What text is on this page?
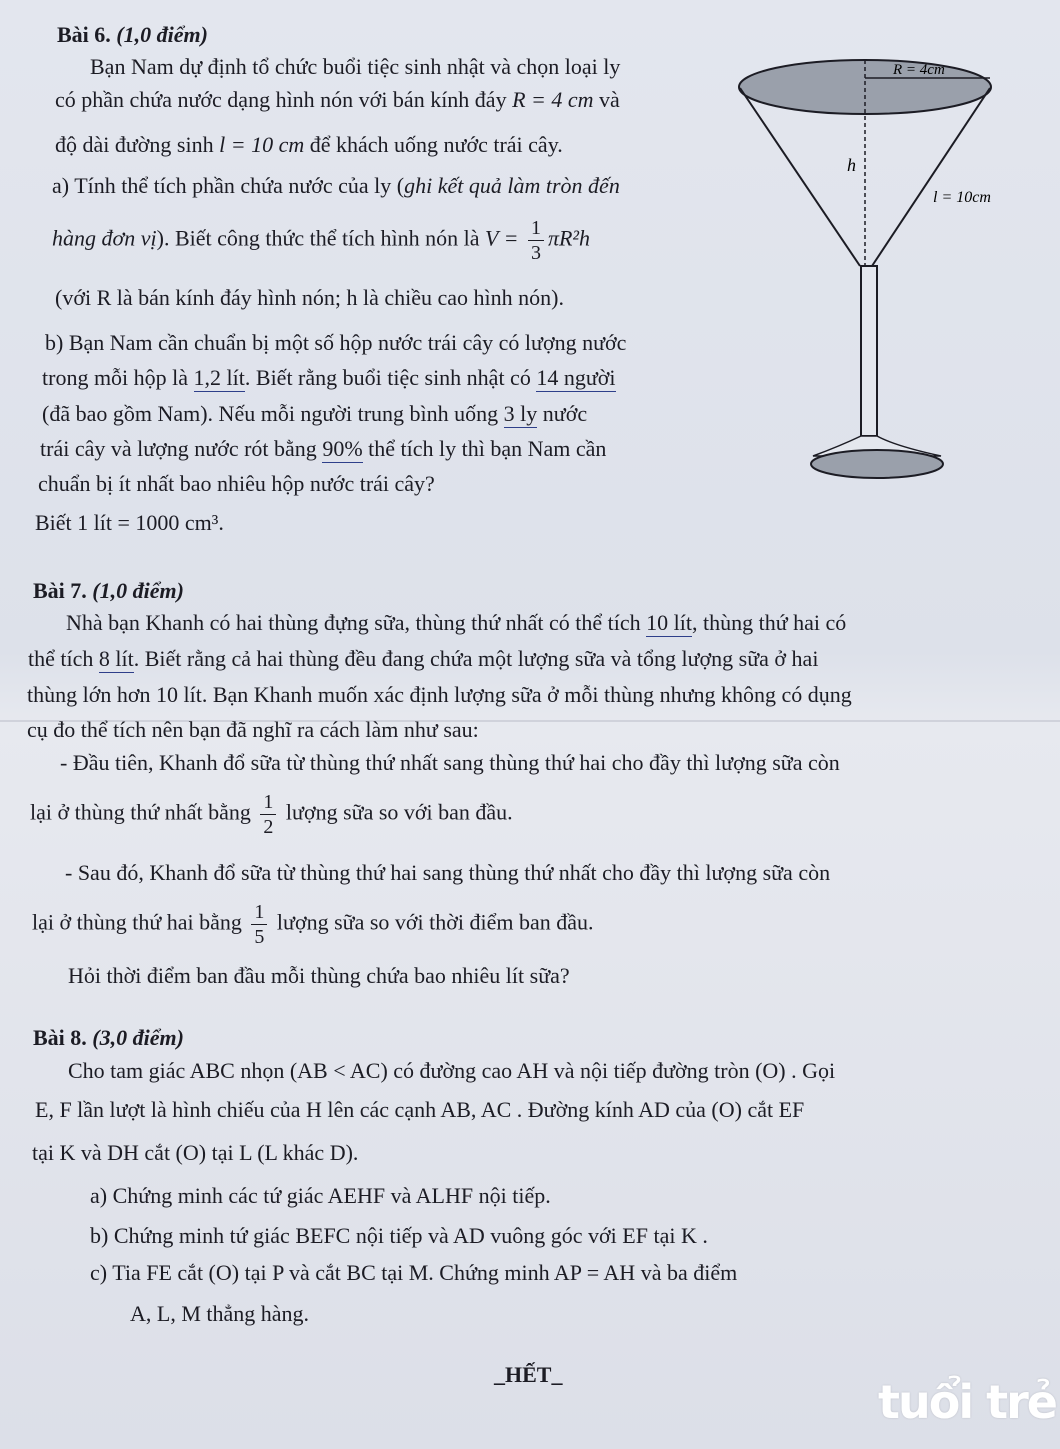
Bài 6. (1,0 điểm)
Bạn Nam dự định tổ chức buổi tiệc sinh nhật và chọn loại ly
có phần chứa nước dạng hình nón với bán kính đáy R = 4 cm và
độ dài đường sinh l = 10 cm để khách uống nước trái cây.
a) Tính thể tích phần chứa nước của ly (ghi kết quả làm tròn đến
hàng đơn vị). Biết công thức thể tích hình nón là $V = \frac{1}{3} \pi R^2h$
(với R là bán kính đáy hình nón; h là chiều cao hình nón).
b) Bạn Nam cần chuẩn bị một số hộp nước trái cây có lượng nước
trong mỗi hộp là 1,2 lít. Biết rằng buổi tiệc sinh nhật có 14 người
(đã bao gồm Nam). Nếu mỗi người trung bình uống 3 ly nước
trái cây và lượng nước rót bằng 90% thể tích ly thì bạn Nam cần
chuẩn bị ít nhất bao nhiêu hộp nước trái cây?
Biết 1 lít = 1000 cm³.
R = 4cm
h
l = 10cm
Bài 7. (1,0 điểm)
Nhà bạn Khanh có hai thùng đựng sữa, thùng thứ nhất có thể tích 10 lít, thùng thứ hai có
thể tích 8 lít. Biết rằng cả hai thùng đều đang chứa một lượng sữa và tổng lượng sữa ở hai
thùng lớn hơn 10 lít. Bạn Khanh muốn xác định lượng sữa ở mỗi thùng nhưng không có dụng
cụ đo thể tích nên bạn đã nghĩ ra cách làm như sau:
- Đầu tiên, Khanh đổ sữa từ thùng thứ nhất sang thùng thứ hai cho đầy thì lượng sữa còn
lại ở thùng thứ nhất bằng $\frac{1}{2}$ lượng sữa so với ban đầu.
- Sau đó, Khanh đổ sữa từ thùng thứ hai sang thùng thứ nhất cho đầy thì lượng sữa còn
lại ở thùng thứ hai bằng $\frac{1}{5}$ lượng sữa so với thời điểm ban đầu.
Hỏi thời điểm ban đầu mỗi thùng chứa bao nhiêu lít sữa?
Bài 8. (3,0 điểm)
Cho tam giác ABC nhọn (AB < AC) có đường cao AH và nội tiếp đường tròn (O) . Gọi
E, F lần lượt là hình chiếu của H lên các cạnh AB, AC . Đường kính AD của (O) cắt EF
tại K và DH cắt (O) tại L (L khác D).
a) Chứng minh các tứ giác AEHF và ALHF nội tiếp.
b) Chứng minh tứ giác BEFC nội tiếp và AD vuông góc với EF tại K .
c) Tia FE cắt (O) tại P và cắt BC tại M. Chứng minh AP = AH và ba điểm
A, L, M thẳng hàng.
_HẾT_
tuổi trẻ
